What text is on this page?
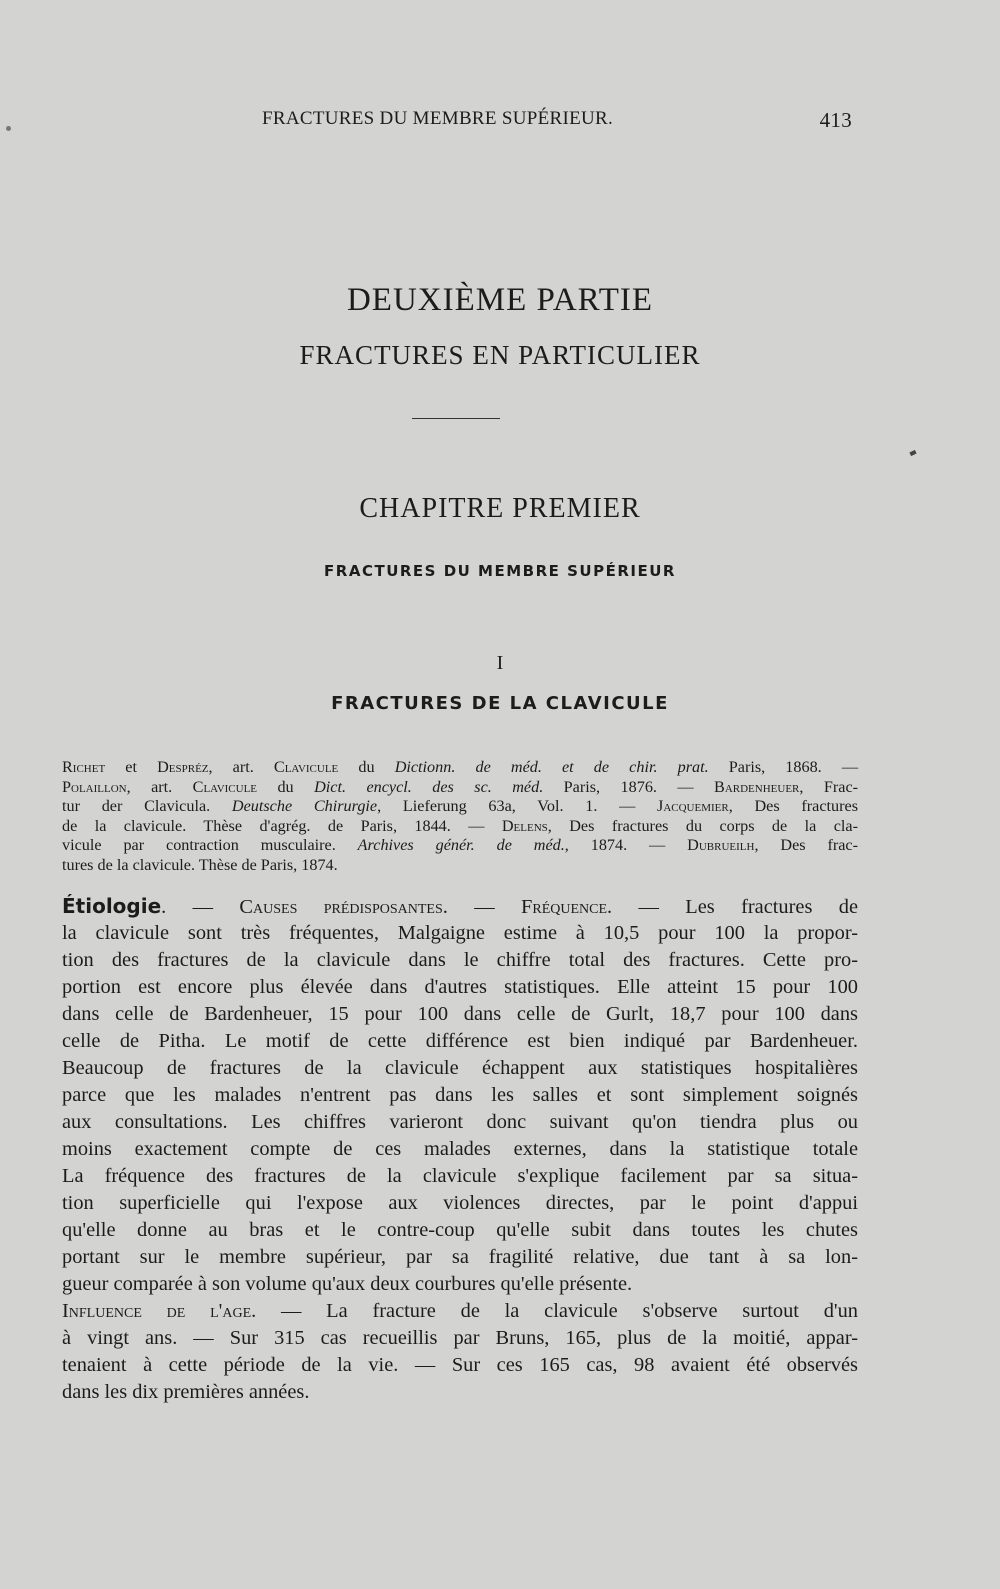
FRACTURES DU MEMBRE SUPÉRIEUR.	413
DEUXIÈME PARTIE
FRACTURES EN PARTICULIER
CHAPITRE PREMIER
FRACTURES DU MEMBRE SUPÉRIEUR
I
FRACTURES DE LA CLAVICULE
Richet et Despréz, art. Clavicule du Dictionn. de méd. et de chir. prat. Paris, 1868. —
Polaillon, art. Clavicule du Dict. encycl. des sc. méd. Paris, 1876. — Bardenheuer, Frac-
tur der Clavicula. Deutsche Chirurgie, Lieferung 63a, Vol. 1. — Jacquemier, Des fractures
de la clavicule. Thèse d'agrég. de Paris, 1844. — Delens, Des fractures du corps de la cla-
vicule par contraction musculaire. Archives génér. de méd., 1874. — Dubrueilh, Des frac-
tures de la clavicule. Thèse de Paris, 1874.
Étiologie. — Causes prédisposantes. — Fréquence. — Les fractures de
la clavicule sont très fréquentes, Malgaigne estime à 10,5 pour 100 la propor-
tion des fractures de la clavicule dans le chiffre total des fractures. Cette pro-
portion est encore plus élevée dans d'autres statistiques. Elle atteint 15 pour 100
dans celle de Bardenheuer, 15 pour 100 dans celle de Gurlt, 18,7 pour 100 dans
celle de Pitha. Le motif de cette différence est bien indiqué par Bardenheuer.
Beaucoup de fractures de la clavicule échappent aux statistiques hospitalières
parce que les malades n'entrent pas dans les salles et sont simplement soignés
aux consultations. Les chiffres varieront donc suivant qu'on tiendra plus ou
moins exactement compte de ces malades externes, dans la statistique totale
La fréquence des fractures de la clavicule s'explique facilement par sa situa-
tion superficielle qui l'expose aux violences directes, par le point d'appui
qu'elle donne au bras et le contre-coup qu'elle subit dans toutes les chutes
portant sur le membre supérieur, par sa fragilité relative, due tant à sa lon-
gueur comparée à son volume qu'aux deux courbures qu'elle présente.
Influence de l'age. — La fracture de la clavicule s'observe surtout d'un
à vingt ans. — Sur 315 cas recueillis par Bruns, 165, plus de la moitié, appar-
tenaient à cette période de la vie. — Sur ces 165 cas, 98 avaient été observés
dans les dix premières années.
